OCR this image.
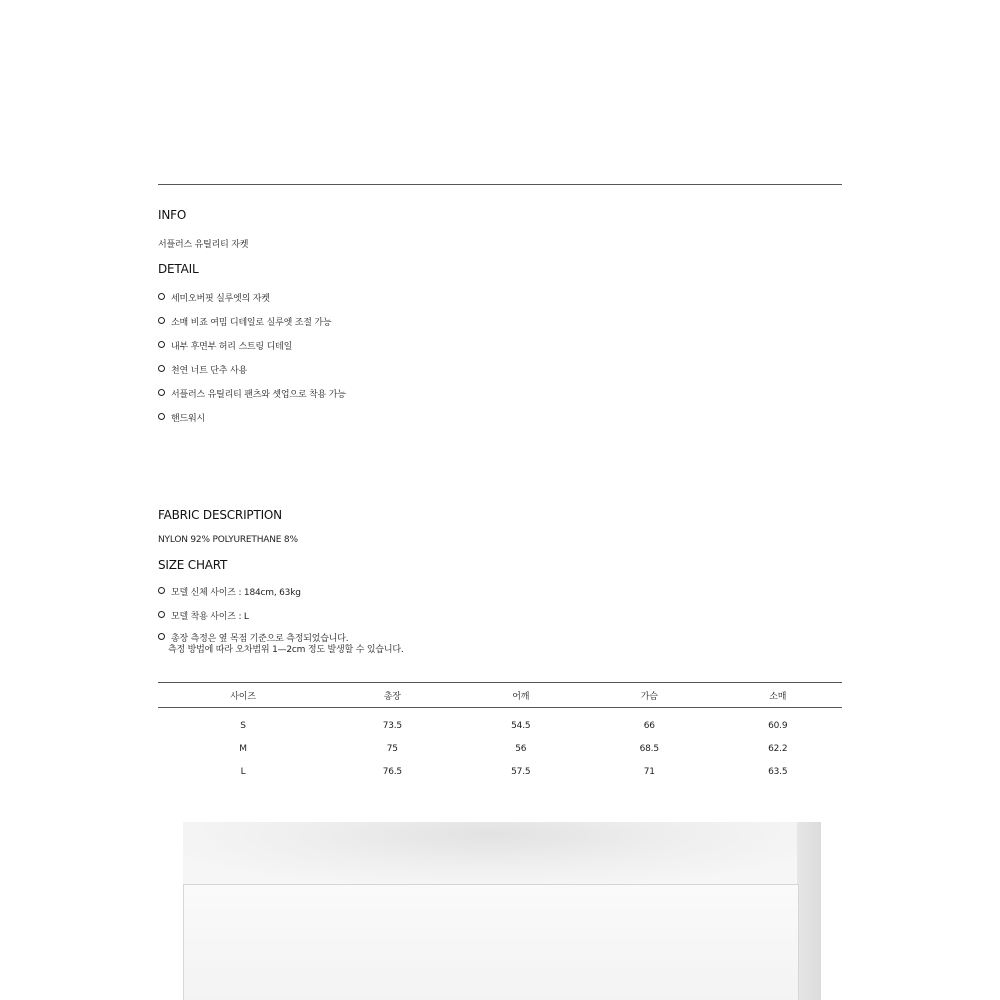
INFO
서플러스 유틸리티 자켓
DETAIL
세미오버핏 실루엣의 자켓
소매 비죠 여밈 디테일로 실루엣 조절 가능
내부 후면부 허리 스트링 디테일
천연 너트 단추 사용
서플러스 유틸리티 팬츠와 셋업으로 착용 가능
핸드워시
FABRIC DESCRIPTION
NYLON 92% POLYURETHANE 8%
SIZE CHART
모델 신체 사이즈 : 184cm, 63kg
모델 착용 사이즈 : L
총장 측정은 옆 목점 기준으로 측정되었습니다.
측정 방법에 따라 오차범위 1—2cm 정도 발생할 수 있습니다.
사이즈	총장	어깨	가슴	소매
S	73.5	54.5	66	60.9
M	75	56	68.5	62.2
L	76.5	57.5	71	63.5
